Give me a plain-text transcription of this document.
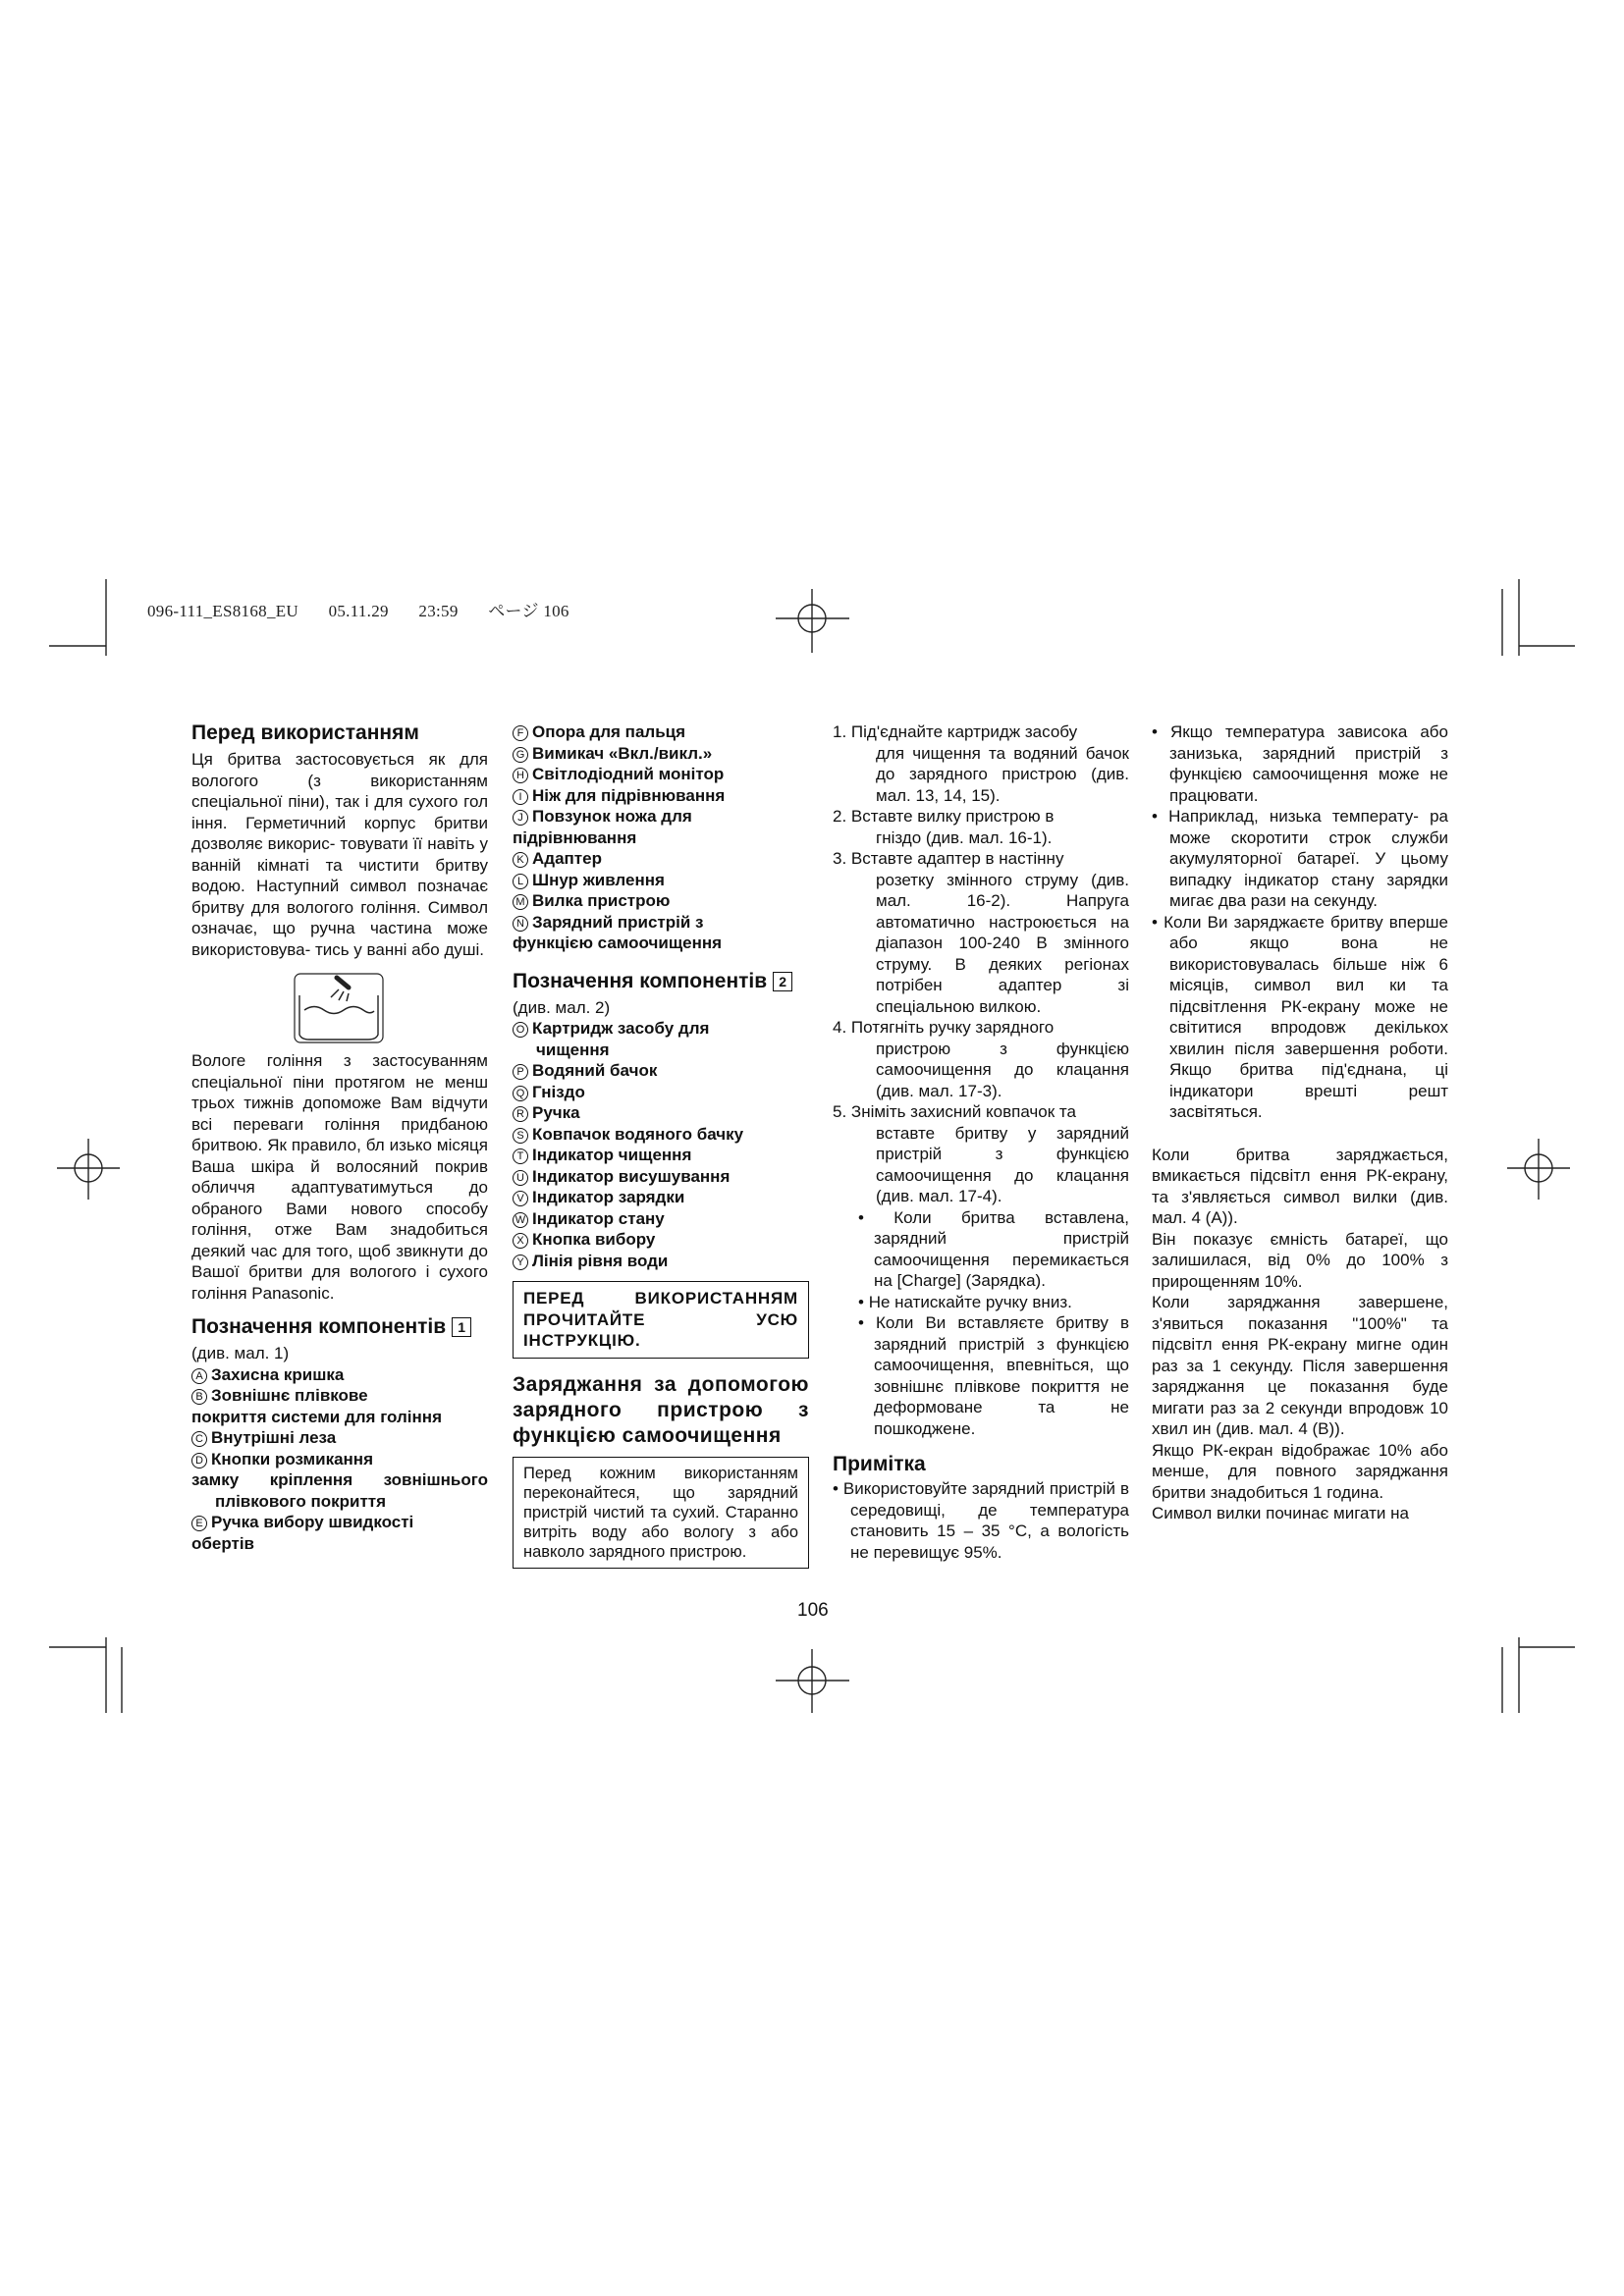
096-111_ES8168_EU 05.11.29 23:59 ページ 106
Перед використанням

Ця бритва застосовується як для вологого (з використанням спеціальної піни), так і для сухого гол іння. Герметичний корпус бритви дозволяє викорис- товувати її навіть у ванній кімнаті та чистити бритву водою. Наступний символ позначає бритву для вологого гоління. Символ означає, що ручна частина може використовува- тись у ванні або душі.

Вологе гоління з застосуванням спеціальної піни протягом не менш трьох тижнів допоможе Вам відчути всі переваги гоління придбаною бритвою. Як правило, бл изько місяця Ваша шкіра й волосяний покрив обличчя адаптуватимуться до обраного Вами нового способу гоління, отже Вам знадобиться деякий час для того, щоб звикнути до Вашої бритви для вологого і сухого гоління Panasonic.

Позначення компонентів 1

(див. мал. 1)

A Захисна кришка

B Зовнішнє плівкове
покриття системи для гоління

C Внутрішні леза

D Кнопки розмикання
замку кріплення зовнішнього плівкового покриття

E Ручка вибору швидкості
обертів

F Опора для пальця

G Вимикач «Вкл./викл.»

H Світлодіодний монітор

I Ніж для підрівнювання

J Повзунок ножа для
підрівнювання

K Адаптер

L Шнур живлення

M Вилка пристрою

N Зарядний пристрій з
функцією самоочищення

Позначення компонентів 2

(див. мал. 2)

O Картридж засобу для
чищення

P Водяний бачок

Q Гніздо

R Ручка

S Ковпачок водяного бачку

T Індикатор чищення

U Індикатор висушування

V Індикатор зарядки

W Індикатор стану

X Кнопка вибору

Y Лінія рівня води

ПЕРЕД ВИКОРИСТАННЯМ ПРОЧИТАЙТЕ УСЮ ІНСТРУКЦІЮ.
Заряджання за допомогою зарядного пристрою з функцією самоочищення
Перед кожним використанням переконайтеся, що зарядний пристрій чистий та сухий. Старанно витріть воду або вологу з або навколо зарядного пристрою.

1. Під'єднайте картридж засобу
для чищення та водяний бачок до зарядного пристрою (див. мал. 13, 14, 15).

2. Вставте вилку пристрою в
гніздо (див. мал. 16-1).

3. Вставте адаптер в настінну
розетку змінного струму (див. мал. 16-2). Напруга автоматично настроюється на діапазон 100-240 В змінного струму. В деяких регіонах потрібен адаптер зі спеціальною вилкою.

4. Потягніть ручку зарядного
пристрою з функцією самоочищення до клацання (див. мал. 17-3).

5. Зніміть захисний ковпачок та
вставте бритву у зарядний пристрій з функцією самоочищення до клацання (див. мал. 17-4).

• Коли бритва вставлена, зарядний пристрій самоочищення перемикається на [Charge] (Зарядка).

• Не натискайте ручку вниз.

• Коли Ви вставляєте бритву в зарядний пристрій з функцією самоочищення, впевніться, що зовнішнє плівкове покриття не деформоване та не пошкоджене.

Примітка

• Використовуйте зарядний пристрій в середовищі, де температура становить 15 – 35 °C, а вологість не перевищує 95%.

106

• Якщо температура зависока або занизька, зарядний пристрій з функцією самоочищення може не працювати.

• Наприклад, низька температу- ра може скоротити строк служби акумуляторної батареї. У цьому випадку індикатор стану зарядки мигає два рази на секунду.

• Коли Ви заряджаєте бритву вперше або якщо вона не використовувалась більше ніж 6 місяців, символ вил ки та підсвітлення РК-екрану може не світитися впродовж декількох хвилин після завершення роботи. Якщо бритва під'єднана, ці індикатори врешті решт засвітяться.

Коли бритва заряджається, вмикається підсвітл ення РК-екрану, та з'являється символ вилки (див. мал. 4 (A)).

Він показує ємність батареї, що залишилася, від 0% до 100% з прирощенням 10%.

Коли заряджання завершене, з'явиться показання "100%" та підсвітл ення РК-екрану мигне один раз за 1 секунду. Після завершення заряджання це показання буде мигати раз за 2 секунди впродовж 10 хвил ин (див. мал. 4 (B)).

Якщо РК-екран відображає 10% або менше, для повного заряджання бритви знадобиться 1 година.

Символ вилки починає мигати на
